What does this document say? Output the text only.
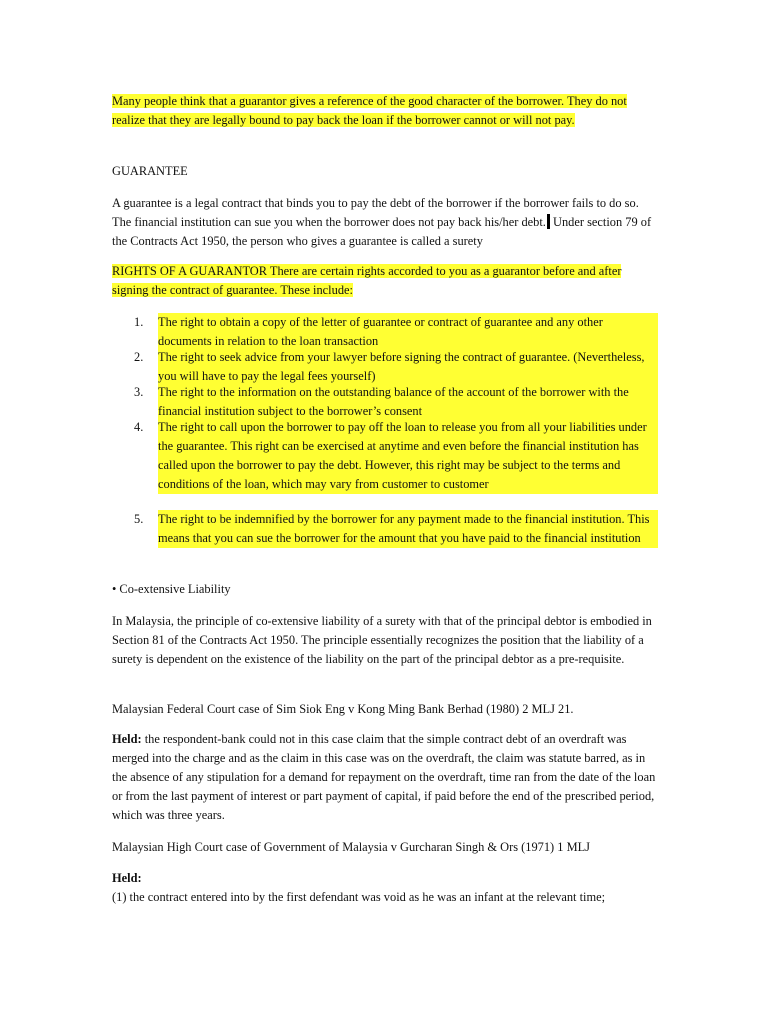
Many people think that a guarantor gives a reference of the good character of the borrower. They do not realize that they are legally bound to pay back the loan if the borrower cannot or will not pay.

GUARANTEE

A guarantee is a legal contract that binds you to pay the debt of the borrower if the borrower fails to do so. The financial institution can sue you when the borrower does not pay back his/her debt. Under section 79 of the Contracts Act 1950, the person who gives a guarantee is called a surety

RIGHTS OF A GUARANTOR There are certain rights accorded to you as a guarantor before and after signing the contract of guarantee. These include:

1. The right to obtain a copy of the letter of guarantee or contract of guarantee and any other documents in relation to the loan transaction
2. The right to seek advice from your lawyer before signing the contract of guarantee. (Nevertheless, you will have to pay the legal fees yourself)
3. The right to the information on the outstanding balance of the account of the borrower with the financial institution subject to the borrower’s consent
4. The right to call upon the borrower to pay off the loan to release you from all your liabilities under the guarantee. This right can be exercised at anytime and even before the financial institution has called upon the borrower to pay the debt. However, this right may be subject to the terms and conditions of the loan, which may vary from customer to customer
5. The right to be indemnified by the borrower for any payment made to the financial institution. This means that you can sue the borrower for the amount that you have paid to the financial institution

• Co-extensive Liability

In Malaysia, the principle of co-extensive liability of a surety with that of the principal debtor is embodied in Section 81 of the Contracts Act 1950. The principle essentially recognizes the position that the liability of a surety is dependent on the existence of the liability on the part of the principal debtor as a pre-requisite.

Malaysian Federal Court case of Sim Siok Eng v Kong Ming Bank Berhad (1980) 2 MLJ 21.

Held: the respondent-bank could not in this case claim that the simple contract debt of an overdraft was merged into the charge and as the claim in this case was on the overdraft, the claim was statute barred, as in the absence of any stipulation for a demand for repayment on the overdraft, time ran from the date of the loan or from the last payment of interest or part payment of capital, if paid before the end of the prescribed period, which was three years.

Malaysian High Court case of Government of Malaysia v Gurcharan Singh & Ors (1971) 1 MLJ

Held:
(1) the contract entered into by the first defendant was void as he was an infant at the relevant time;
